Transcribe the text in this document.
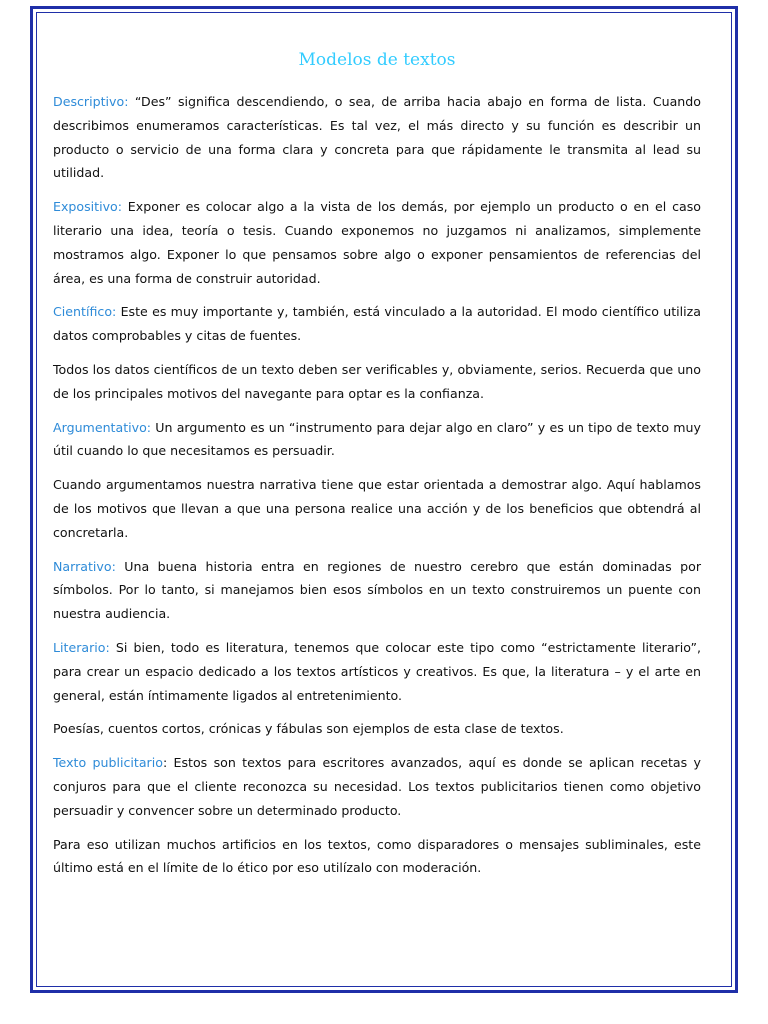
Modelos de textos

Descriptivo: “Des” significa descendiendo, o sea, de arriba hacia abajo en forma de lista. Cuando describimos enumeramos características. Es tal vez, el más directo y su función es describir un producto o servicio de una forma clara y concreta para que rápidamente le transmita al lead su utilidad.

Expositivo: Exponer es colocar algo a la vista de los demás, por ejemplo un producto o en el caso literario una idea, teoría o tesis. Cuando exponemos no juzgamos ni analizamos, simplemente mostramos algo. Exponer lo que pensamos sobre algo o exponer pensamientos de referencias del área, es una forma de construir autoridad.

Científico: Este es muy importante y, también, está vinculado a la autoridad. El modo científico utiliza datos comprobables y citas de fuentes.

Todos los datos científicos de un texto deben ser verificables y, obviamente, serios. Recuerda que uno de los principales motivos del navegante para optar es la confianza.

Argumentativo: Un argumento es un “instrumento para dejar algo en claro” y es un tipo de texto muy útil cuando lo que necesitamos es persuadir.

Cuando argumentamos nuestra narrativa tiene que estar orientada a demostrar algo. Aquí hablamos de los motivos que llevan a que una persona realice una acción y de los beneficios que obtendrá al concretarla.

Narrativo: Una buena historia entra en regiones de nuestro cerebro que están dominadas por símbolos. Por lo tanto, si manejamos bien esos símbolos en un texto construiremos un puente con nuestra audiencia.

Literario: Si bien, todo es literatura, tenemos que colocar este tipo como “estrictamente literario”, para crear un espacio dedicado a los textos artísticos y creativos. Es que, la literatura – y el arte en general, están íntimamente ligados al entretenimiento.

Poesías, cuentos cortos, crónicas y fábulas son ejemplos de esta clase de textos.

Texto publicitario: Estos son textos para escritores avanzados, aquí es donde se aplican recetas y conjuros para que el cliente reconozca su necesidad. Los textos publicitarios tienen como objetivo persuadir y convencer sobre un determinado producto.

Para eso utilizan muchos artificios en los textos, como disparadores o mensajes subliminales, este último está en el límite de lo ético por eso utilízalo con moderación.
